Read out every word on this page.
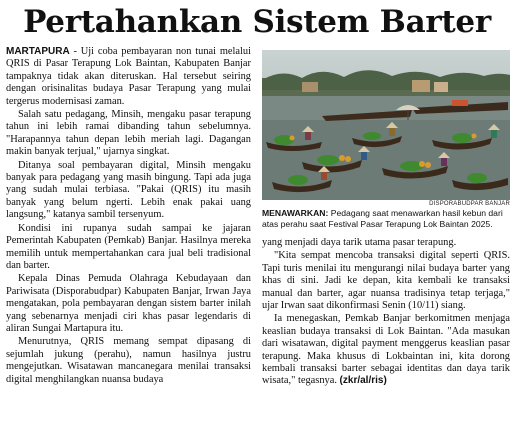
Pertahankan Sistem Barter

MARTAPURA - Uji coba pembayaran non tunai melalui QRIS di Pasar Terapung Lok Baintan, Kabupaten Banjar tampaknya tidak akan diteruskan. Hal tersebut seiring dengan orisinalitas budaya Pasar Terapung yang mulai tergerus modernisasi zaman.

Salah satu pedagang, Minsih, mengaku pasar terapung tahun ini lebih ramai dibanding tahun sebelumnya. "Harapannya tahun depan lebih meriah lagi. Dagangan makin banyak terjual," ujarnya singkat.

Ditanya soal pembayaran digital, Minsih mengaku banyak para pedagang yang masih bingung. Tapi ada juga yang sudah mulai terbiasa. "Pakai (QRIS) itu masih banyak yang belum ngerti. Lebih enak pakai uang langsung," katanya sambil tersenyum.

Kondisi ini rupanya sudah sampai ke jajaran Pemerintah Kabupaten (Pemkab) Banjar. Hasilnya mereka memilih untuk mempertahankan cara jual beli tradisional dan barter.

Kepala Dinas Pemuda Olahraga Kebudayaan dan Pariwisata (Disporabudpar) Kabupaten Banjar, Irwan Jaya mengatakan, pola pembayaran dengan sistem barter inilah yang sebenarnya menjadi ciri khas pasar legendaris di aliran Sungai Martapura itu.

Menurutnya, QRIS memang sempat dipasang di sejumlah jukung (perahu), namun hasilnya justru mengejutkan. Wisatawan mancanegara menilai transaksi digital menghilangkan nuansa budaya

DISPORABUDPAR BANJAR
MENAWARKAN: Pedagang saat menawarkan hasil kebun dari atas perahu saat Festival Pasar Terapung Lok Baintan 2025.

yang menjadi daya tarik utama pasar terapung.

"Kita sempat mencoba transaksi digital seperti QRIS. Tapi turis menilai itu mengurangi nilai budaya barter yang khas di sini. Jadi ke depan, kita kembali ke transaksi manual dan barter, agar nuansa tradisinya tetap terjaga," ujar Irwan saat dikonfirmasi Senin (10/11) siang.

Ia menegaskan, Pemkab Banjar berkomitmen menjaga keaslian budaya transaksi di Lok Baintan. "Ada masukan dari wisatawan, digital payment menggerus keaslian pasar terapung. Maka khusus di Lokbaintan ini, kita dorong kembali transaksi barter sebagai identitas dan daya tarik wisata," tegasnya. (zkr/al/ris)
